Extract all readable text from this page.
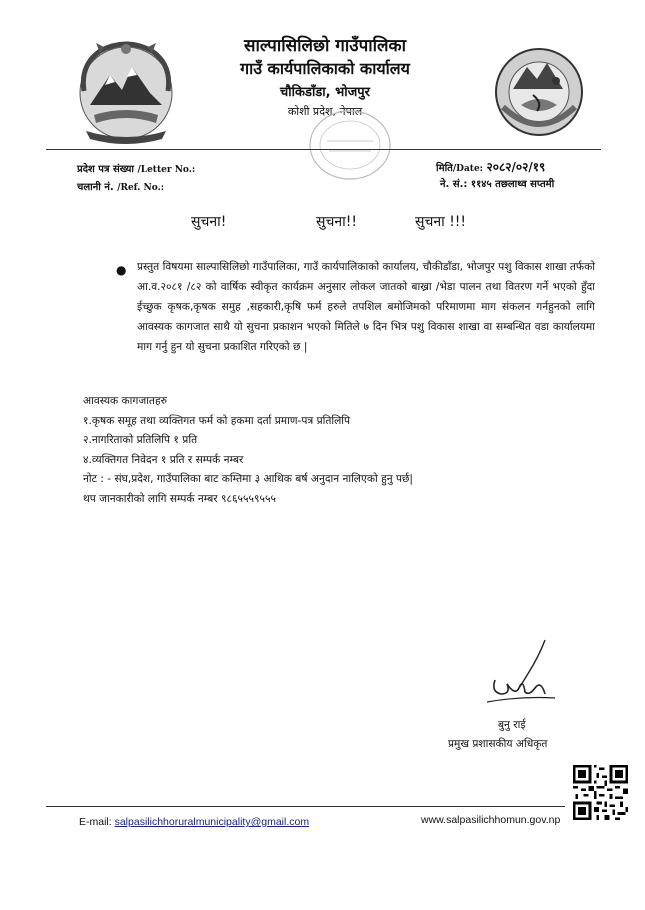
साल्पासिलिछो गाउँपालिका
गाउँ कार्यपालिकाको कार्यालय
चौकिडाँडा, भोजपुर
कोशी प्रदेश, नेपाल
प्रदेश पत्र संख्या /Letter No.:
चलानी नं. /Ref. No.:
मिति/Date: २०८२/०२/१९
ने. सं.: ११४५ तछलाथ्व सप्तमी
सुचना!	सुचना!!	सुचना !!!
● प्रस्तुत विषयमा साल्पासिलिछो गाउँपालिका, गाउँ कार्यपालिकाको कार्यालय, चौकीडाँडा, भोजपुर पशु विकास शाखा तर्फको आ.व.२०८१ /८२ को वार्षिक स्वीकृत कार्यक्रम अनुसार लोकल जातको बाख्रा /भेडा पालन तथा वितरण गर्ने भएको हुँदा ईच्छुक कृषक,कृषक समुह ,सहकारी,कृषि फर्म हरुले तपशिल बमोजिमको परिमाणमा माग संकलन गर्नहुनको लागि आवस्यक कागजात साथै यो सुचना प्रकाशन भएको मितिले ७ दिन भित्र पशु विकास शाखा वा सम्बन्धित वडा कार्यालयमा माग गर्नु हुन यो सुचना प्रकाशित गरिएको छ |
आवस्यक कागजातहरु
१.कृषक समूह तथा व्यक्तिगत फर्म को हकमा दर्ता प्रमाण-पत्र प्रतिलिपि
२.नागरिताको प्रतिलिपि १ प्रति
४.व्यक्तिगत निवेदन १ प्रति र सम्पर्क नम्बर
नोट : - संघ,प्रदेश, गाउँपालिका बाट कम्तिमा ३ आथिक बर्ष अनुदान नालिएको हुनु पर्छ|
थप जानकारीको लागि सम्पर्क नम्बर ९८६५५५९५५५
बुनु राई
प्रमुख प्रशासकीय अधिकृत
E-mail: salpasilichhoruralmunicipality@gmail.com	www.salpasilichhomun.gov.np
